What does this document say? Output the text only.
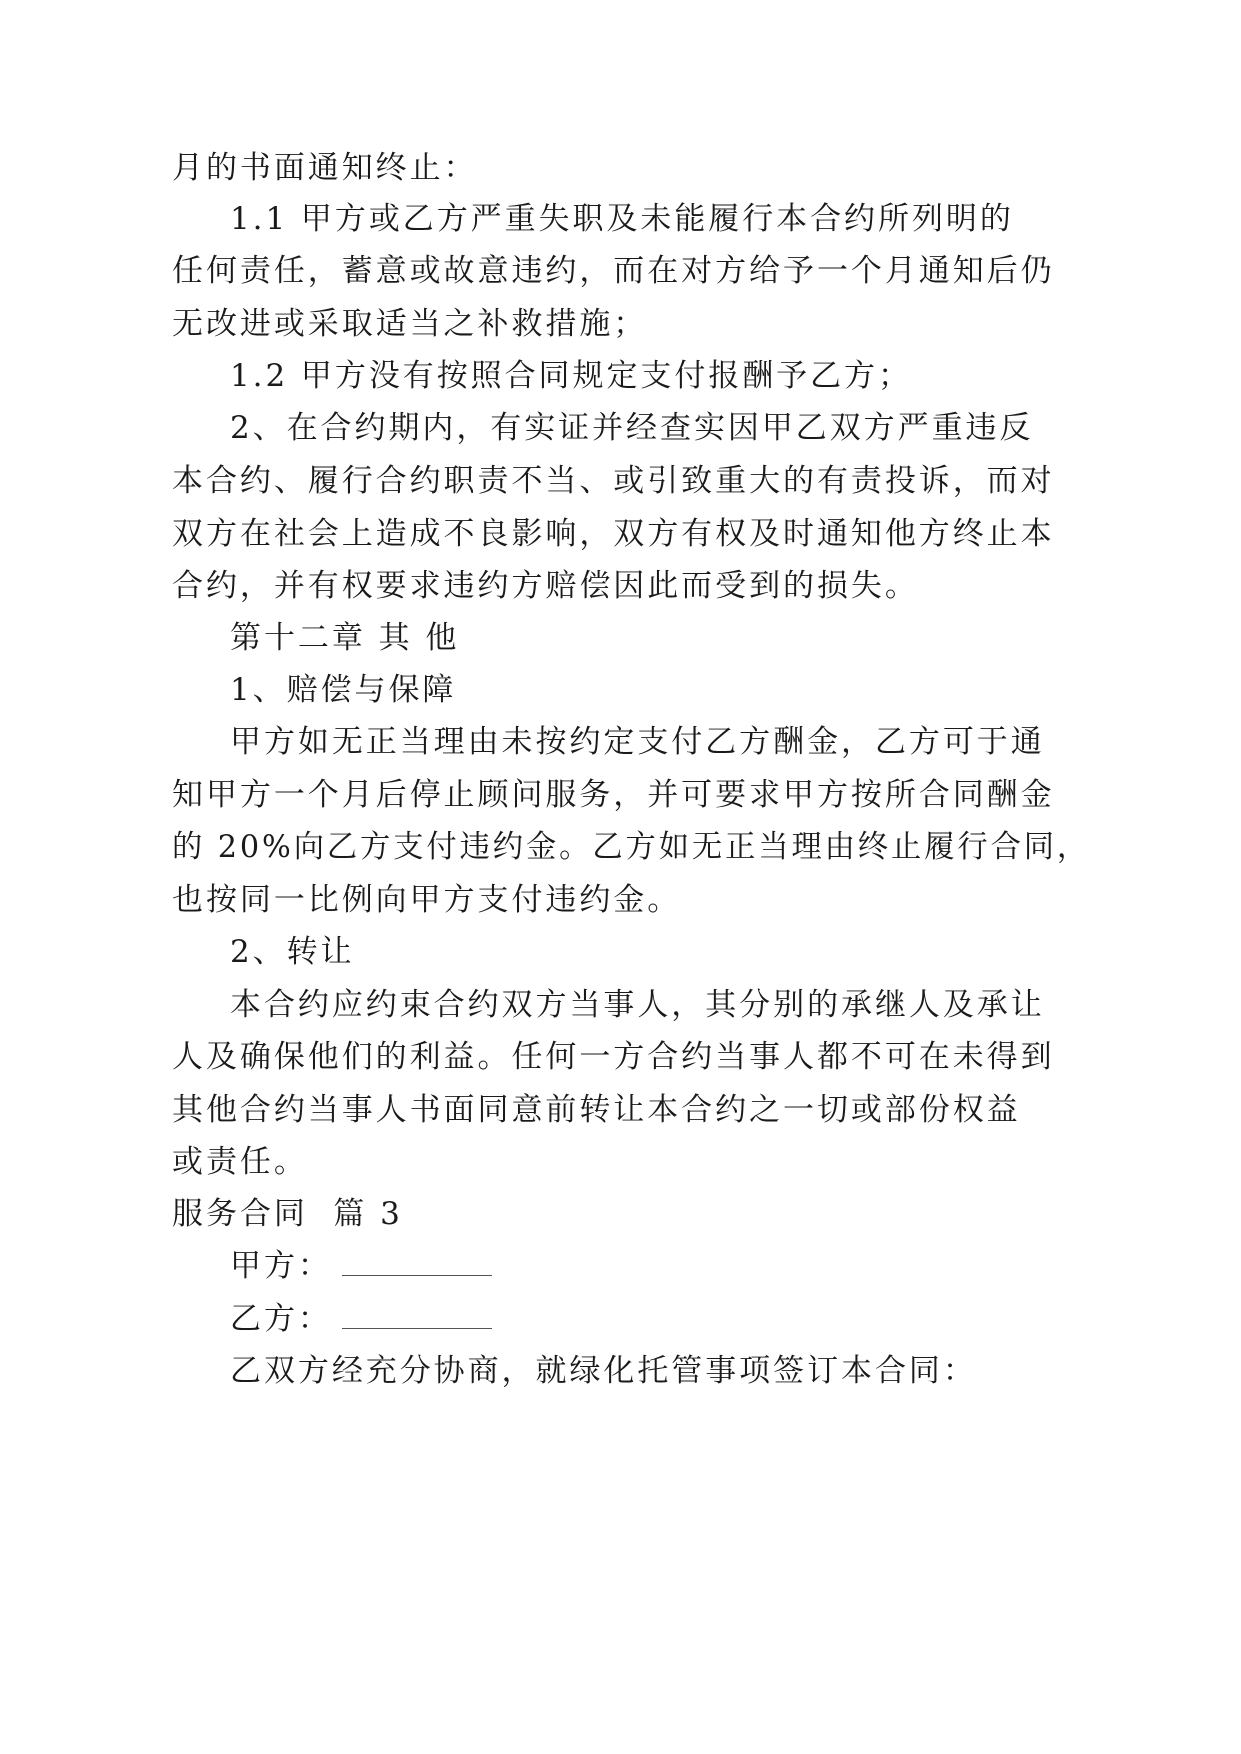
月的书面通知终止：
1.1 甲方或乙方严重失职及未能履行本合约所列明的
任何责任，蓄意或故意违约，而在对方给予一个月通知后仍
无改进或采取适当之补救措施；
1.2 甲方没有按照合同规定支付报酬予乙方；
2、在合约期内，有实证并经查实因甲乙双方严重违反
本合约、履行合约职责不当、或引致重大的有责投诉，而对
双方在社会上造成不良影响，双方有权及时通知他方终止本
合约，并有权要求违约方赔偿因此而受到的损失。
第十二章 其 他
1、赔偿与保障
甲方如无正当理由未按约定支付乙方酬金，乙方可于通
知甲方一个月后停止顾问服务，并可要求甲方按所合同酬金
的 20%向乙方支付违约金。乙方如无正当理由终止履行合同，
也按同一比例向甲方支付违约金。
2、转让
本合约应约束合约双方当事人，其分别的承继人及承让
人及确保他们的利益。任何一方合约当事人都不可在未得到
其他合约当事人书面同意前转让本合约之一切或部份权益
或责任。
服务合同  篇 3
甲方：
乙方：
乙双方经充分协商，就绿化托管事项签订本合同：
